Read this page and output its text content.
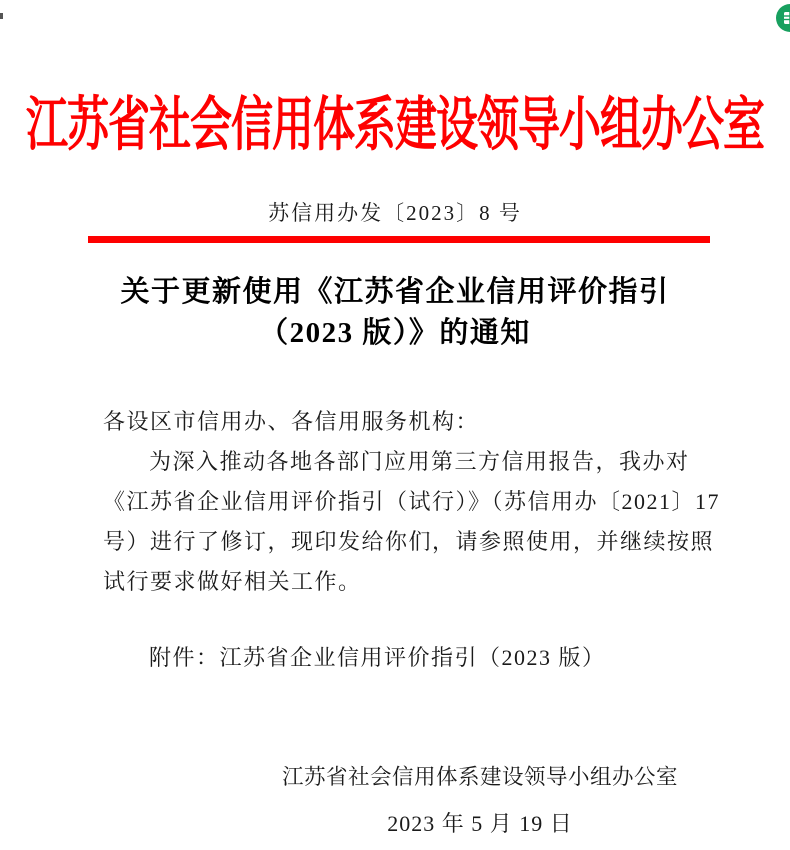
江苏省社会信用体系建设领导小组办公室
苏信用办发〔2023〕8 号
关于更新使用《江苏省企业信用评价指引
（2023 版）》的通知
各设区市信用办、各信用服务机构：
为深入推动各地各部门应用第三方信用报告，我办对
《江苏省企业信用评价指引（试行）》（苏信用办〔2021〕17
号）进行了修订，现印发给你们，请参照使用，并继续按照
试行要求做好相关工作。
附件：江苏省企业信用评价指引（2023 版）
江苏省社会信用体系建设领导小组办公室
2023 年 5 月 19 日
